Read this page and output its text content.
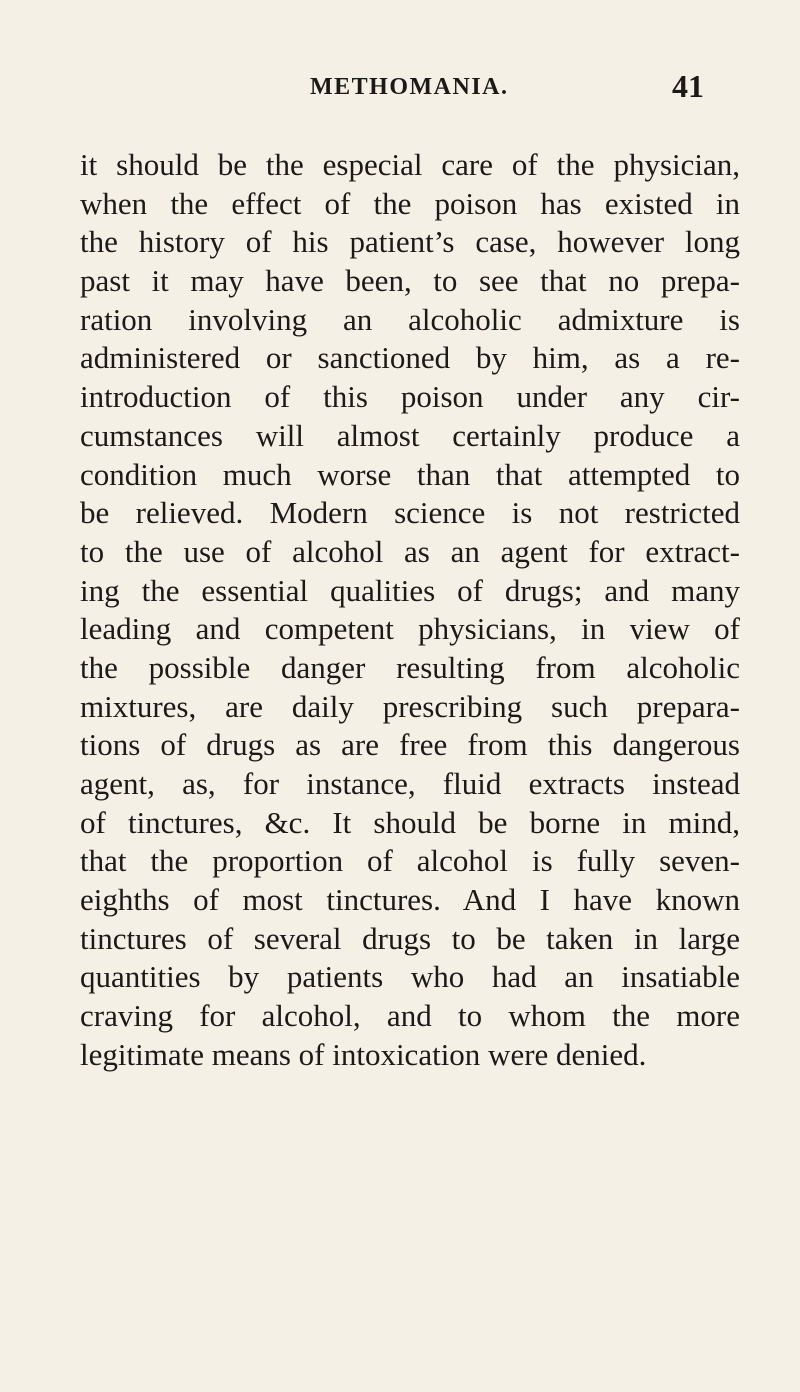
METHOMANIA.	41
it should be the especial care of the physician,
when the effect of the poison has existed in
the history of his patient’s case, however long
past it may have been, to see that no prepa-
ration involving an alcoholic admixture is
administered or sanctioned by him, as a re-
introduction of this poison under any cir-
cumstances will almost certainly produce a
condition much worse than that attempted to
be relieved. Modern science is not restricted
to the use of alcohol as an agent for extract-
ing the essential qualities of drugs; and many
leading and competent physicians, in view of
the possible danger resulting from alcoholic
mixtures, are daily prescribing such prepara-
tions of drugs as are free from this dangerous
agent, as, for instance, fluid extracts instead
of tinctures, &c. It should be borne in mind,
that the proportion of alcohol is fully seven-
eighths of most tinctures. And I have known
tinctures of several drugs to be taken in large
quantities by patients who had an insatiable
craving for alcohol, and to whom the more
legitimate means of intoxication were denied.
